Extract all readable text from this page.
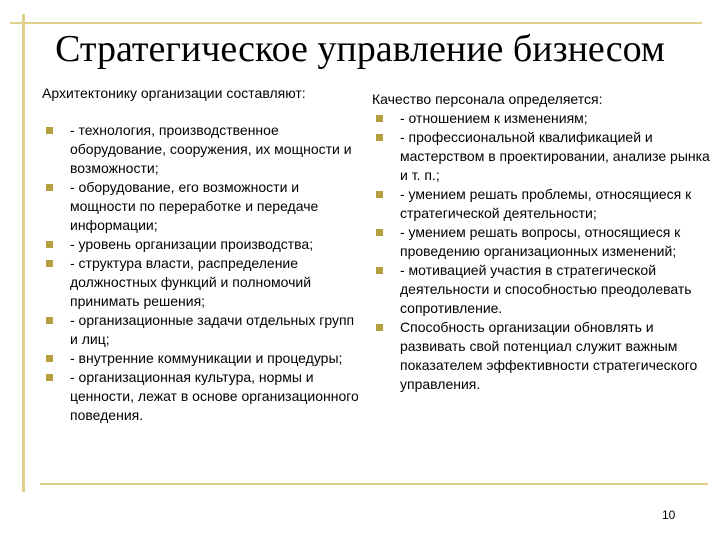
Стратегическое управление бизнесом

Архитектонику организации составляют:

- технология, производственное оборудование, сооружения, их мощности и возможности;
- оборудование, его возможности и мощности по переработке и передаче информации;
- уровень организации производства;
- структура власти, распределение должностных функций и полномочий принимать решения;
- организационные задачи отдельных групп и лиц;
- внутренние коммуникации и процедуры;
- организационная культура, нормы и ценности, лежат в основе организационного поведения.

Качество персонала определяется:

- отношением к изменениям;
- профессиональной квалификацией и мастерством в проектировании, анализе рынка и т. п.;
- умением решать проблемы, относящиеся к стратегической деятельности;
- умением решать вопросы, относящиеся к проведению организационных изменений;
- мотивацией участия в стратегической деятельности и способностью преодолевать сопротивление.
Способность организации обновлять и развивать свой потенциал служит важным показателем эффективности стратегического управления.
10
